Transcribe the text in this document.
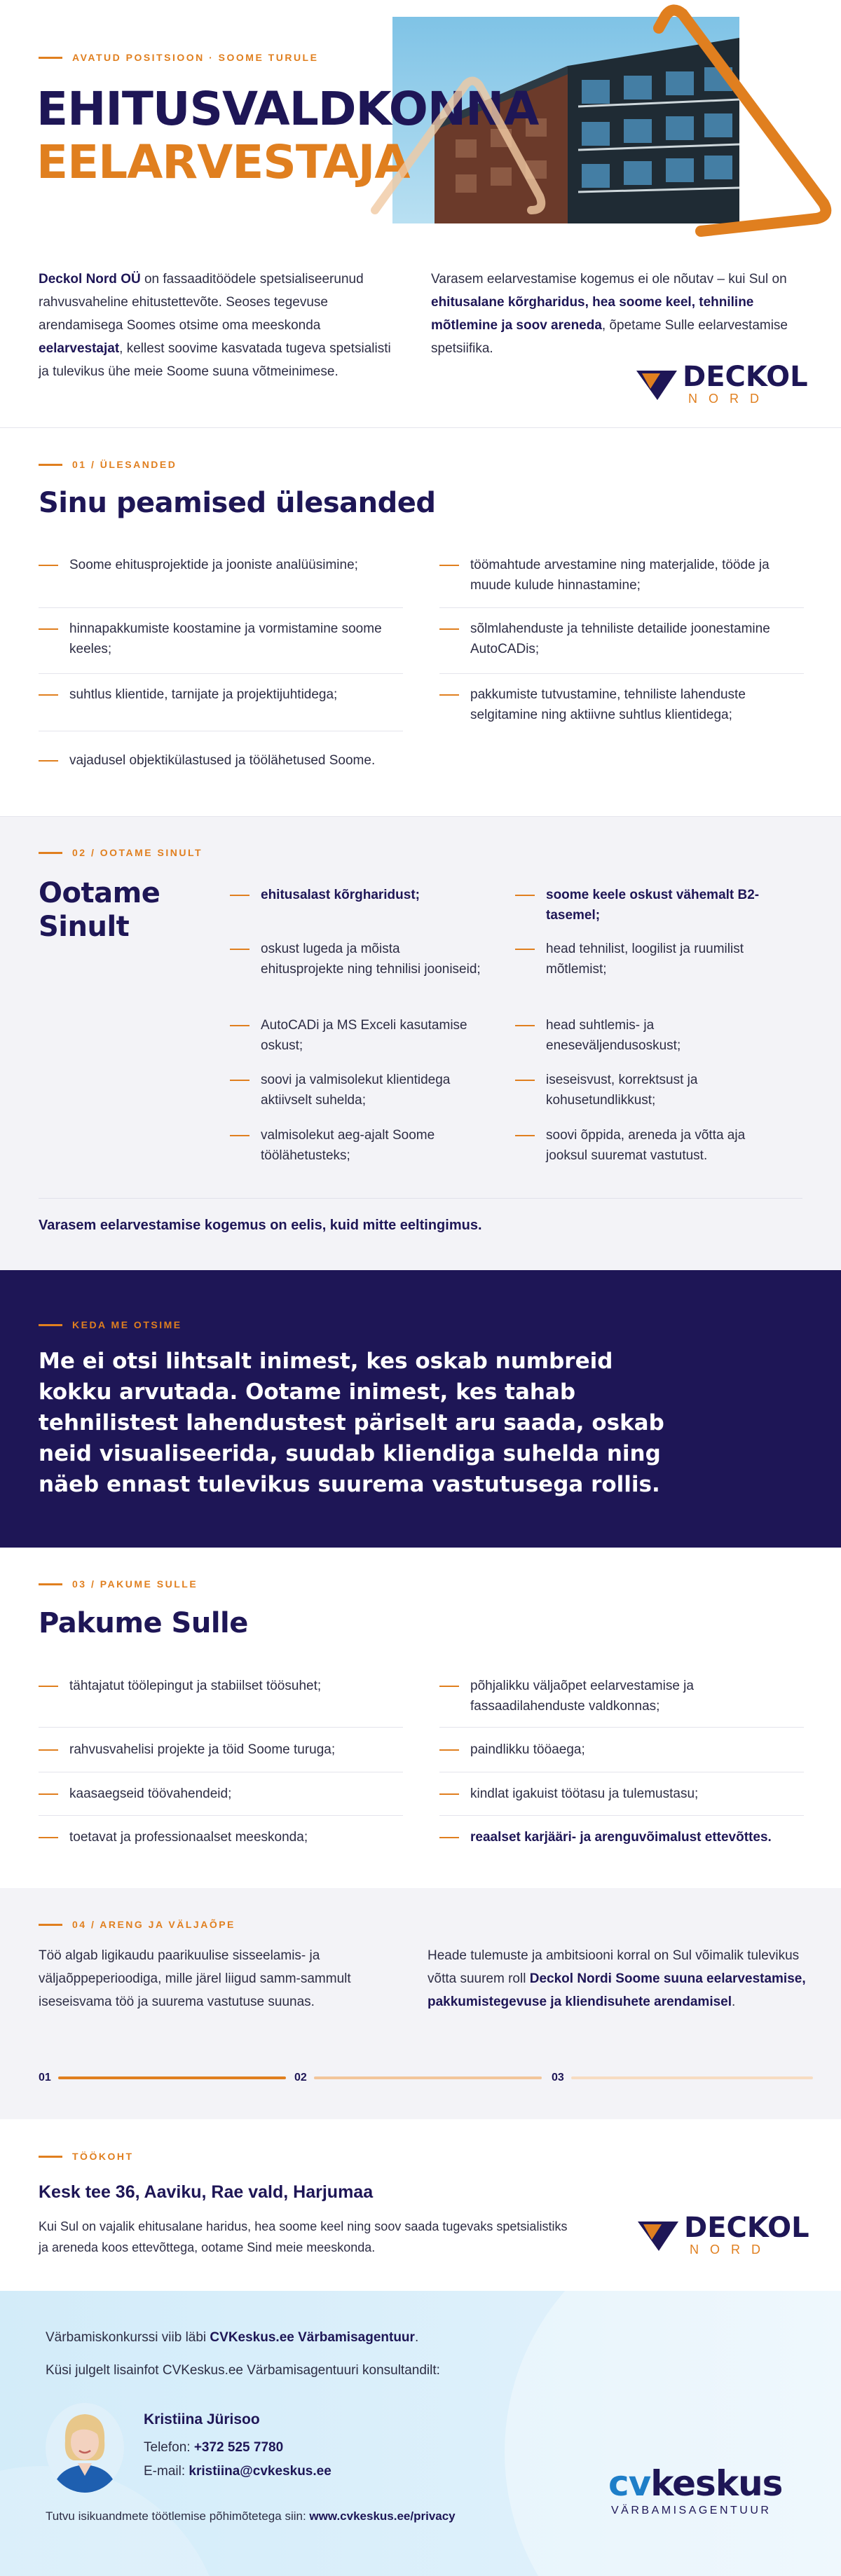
AVATUD POSITSIOON · SOOME TURULE
EHITUSVALDKONNA
EELARVESTAJA
Deckol Nord OÜ on fassaaditöödele spetsialiseerunud rahvusvaheline ehitustettevõte. Seoses tegevuse arendamisega Soomes otsime oma meeskonda eelarvestajat, kellest soovime kasvatada tugeva spetsialisti ja tulevikus ühe meie Soome suuna võtmeinimese.
Varasem eelarvestamise kogemus ei ole nõutav – kui Sul on ehitusalane kõrgharidus, hea soome keel, tehniline mõtlemine ja soov areneda, õpetame Sulle eelarvestamise spetsiifika.
DECKOL
NORD
01 / ÜLESANDED
Sinu peamised ülesanded
Soome ehitusprojektide ja jooniste analüüsimine;
hinnapakkumiste koostamine ja vormistamine soome keeles;
suhtlus klientide, tarnijate ja projektijuhtidega;
vajadusel objektikülastused ja töölähetused Soome.
töömahtude arvestamine ning materjalide, tööde ja muude kulude hinnastamine;
sõlmlahenduste ja tehniliste detailide joonestamine AutoCADis;
pakkumiste tutvustamine, tehniliste lahenduste selgitamine ning aktiivne suhtlus klientidega;
02 / OOTAME SINULT
Ootame
Sinult
ehitusalast kõrgharidust;
oskust lugeda ja mõista ehitusprojekte ning tehnilisi jooniseid;
AutoCADi ja MS Exceli kasutamise oskust;
soovi ja valmisolekut klientidega aktiivselt suhelda;
valmisolekut aeg-ajalt Soome töölähetusteks;
soome keele oskust vähemalt B2-tasemel;
head tehnilist, loogilist ja ruumilist mõtlemist;
head suhtlemis- ja eneseväljendusoskust;
iseseisvust, korrektsust ja kohusetundlikkust;
soovi õppida, areneda ja võtta aja jooksul suuremat vastutust.
Varasem eelarvestamise kogemus on eelis, kuid mitte eeltingimus.
KEDA ME OTSIME
Me ei otsi lihtsalt inimest, kes oskab numbreid kokku arvutada. Ootame inimest, kes tahab tehnilistest lahendustest päriselt aru saada, oskab neid visualiseerida, suudab kliendiga suhelda ning näeb ennast tulevikus suurema vastutusega rollis.
03 / PAKUME SULLE
Pakume Sulle
tähtajatut töölepingut ja stabiilset töösuhet;
rahvusvahelisi projekte ja töid Soome turuga;
kaasaegseid töövahendeid;
toetavat ja professionaalset meeskonda;
põhjalikku väljaõpet eelarvestamise ja fassaadilahenduste valdkonnas;
paindlikku tööaega;
kindlat igakuist töötasu ja tulemustasu;
reaalset karjääri- ja arenguvõimalust ettevõttes.
04 / ARENG JA VÄLJAÕPE

Töö algab ligikaudu paarikuulise sisseelamis- ja väljaõppeperioodiga, mille järel liigud samm-sammult iseseisvama töö ja suurema vastutuse suunas.

Heade tulemuste ja ambitsiooni korral on Sul võimalik tulevikus võtta suurem roll Deckol Nordi Soome suuna eelarvestamise, pakkumistegevuse ja kliendisuhete arendamisel.

01	02	03
TÖÖKOHT
Kesk tee 36, Aaviku, Rae vald, Harjumaa
Kui Sul on vajalik ehitusalane haridus, hea soome keel ning soov saada tugevaks spetsialistiks ja areneda koos ettevõttega, ootame Sind meie meeskonda.
DECKOL
NORD

Värbamiskonkurssi viib läbi CVKeskus.ee Värbamisagentuur.

Küsi julgelt lisainfot CVKeskus.ee Värbamisagentuuri konsultandilt:

Kristiina Jürisoo

Telefon: +372 525 7780

E-mail: kristiina@cvkeskus.ee

Tutvu isikuandmete töötlemise põhimõtetega siin: www.cvkeskus.ee/privacy

cvkeskus
VÄRBAMISAGENTUUR
